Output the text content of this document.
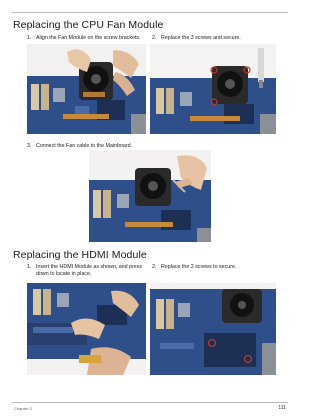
Replacing the CPU Fan Module
1. Align the Fan Module on the screw brackets. 2. Replace the 3 screws and secure.
3. Connect the Fan cable to the Mainboard.
Replacing the HDMI Module
1. Insert the HDMI Module as shown, and press down to locate in place.
2. Replace the 2 screws to secure.
Chapter 3	111
